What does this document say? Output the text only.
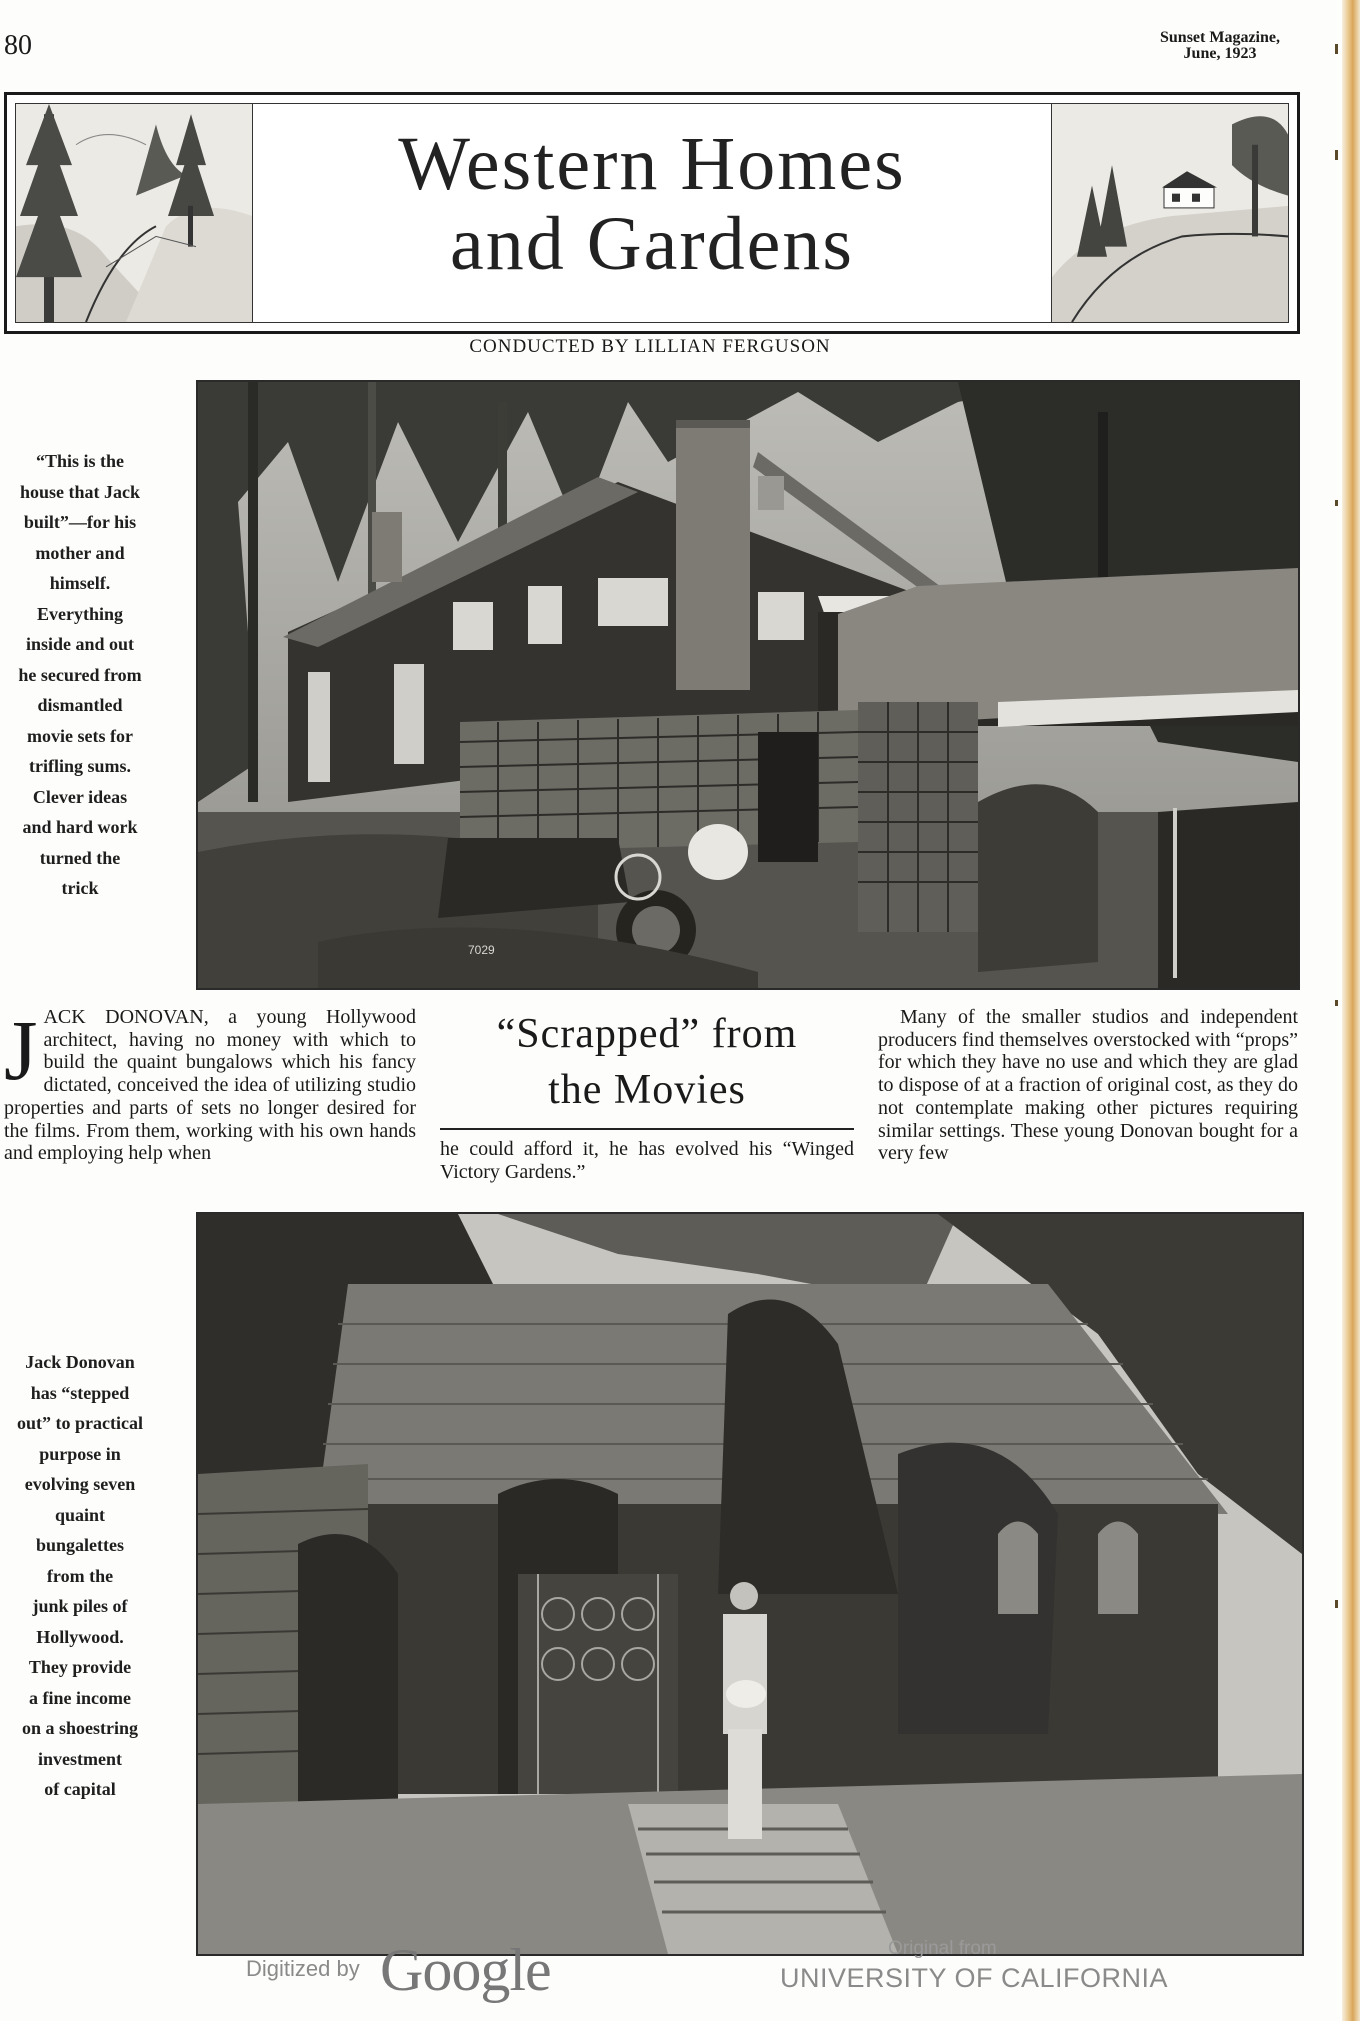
80	Sunset Magazine,
June, 1923
Western Homes
and Gardens
CONDUCTED BY LILLIAN FERGUSON
7029
“This is the
house that Jack
built”—for his
mother and
himself.
Everything
inside and out
he secured from
dismantled
movie sets for
trifling sums.
Clever ideas
and hard work
turned the
trick
J ACK DONOVAN, a young Hollywood architect, having no money with which to build the quaint bungalows which his fancy dictated, conceived the idea of utilizing studio properties and parts of sets no longer desired for the films. From them, working with his own hands and employing help when
“Scrapped” from
the Movies
he could afford it, he has evolved his “Winged Victory Gardens.”

Many of the smaller studios and independent producers find themselves overstocked with “props” for which they have no use and which they are glad to dispose of at a fraction of original cost, as they do not contemplate making other pictures requiring similar settings. These young Donovan bought for a very few

Jack Donovan
has “stepped
out” to practical
purpose in
evolving seven
quaint
bungalettes
from the
junk piles of
Hollywood.
They provide
a fine income
on a shoestring
investment
of capital
Digitized by Google	Original from
UNIVERSITY OF CALIFORNIA
